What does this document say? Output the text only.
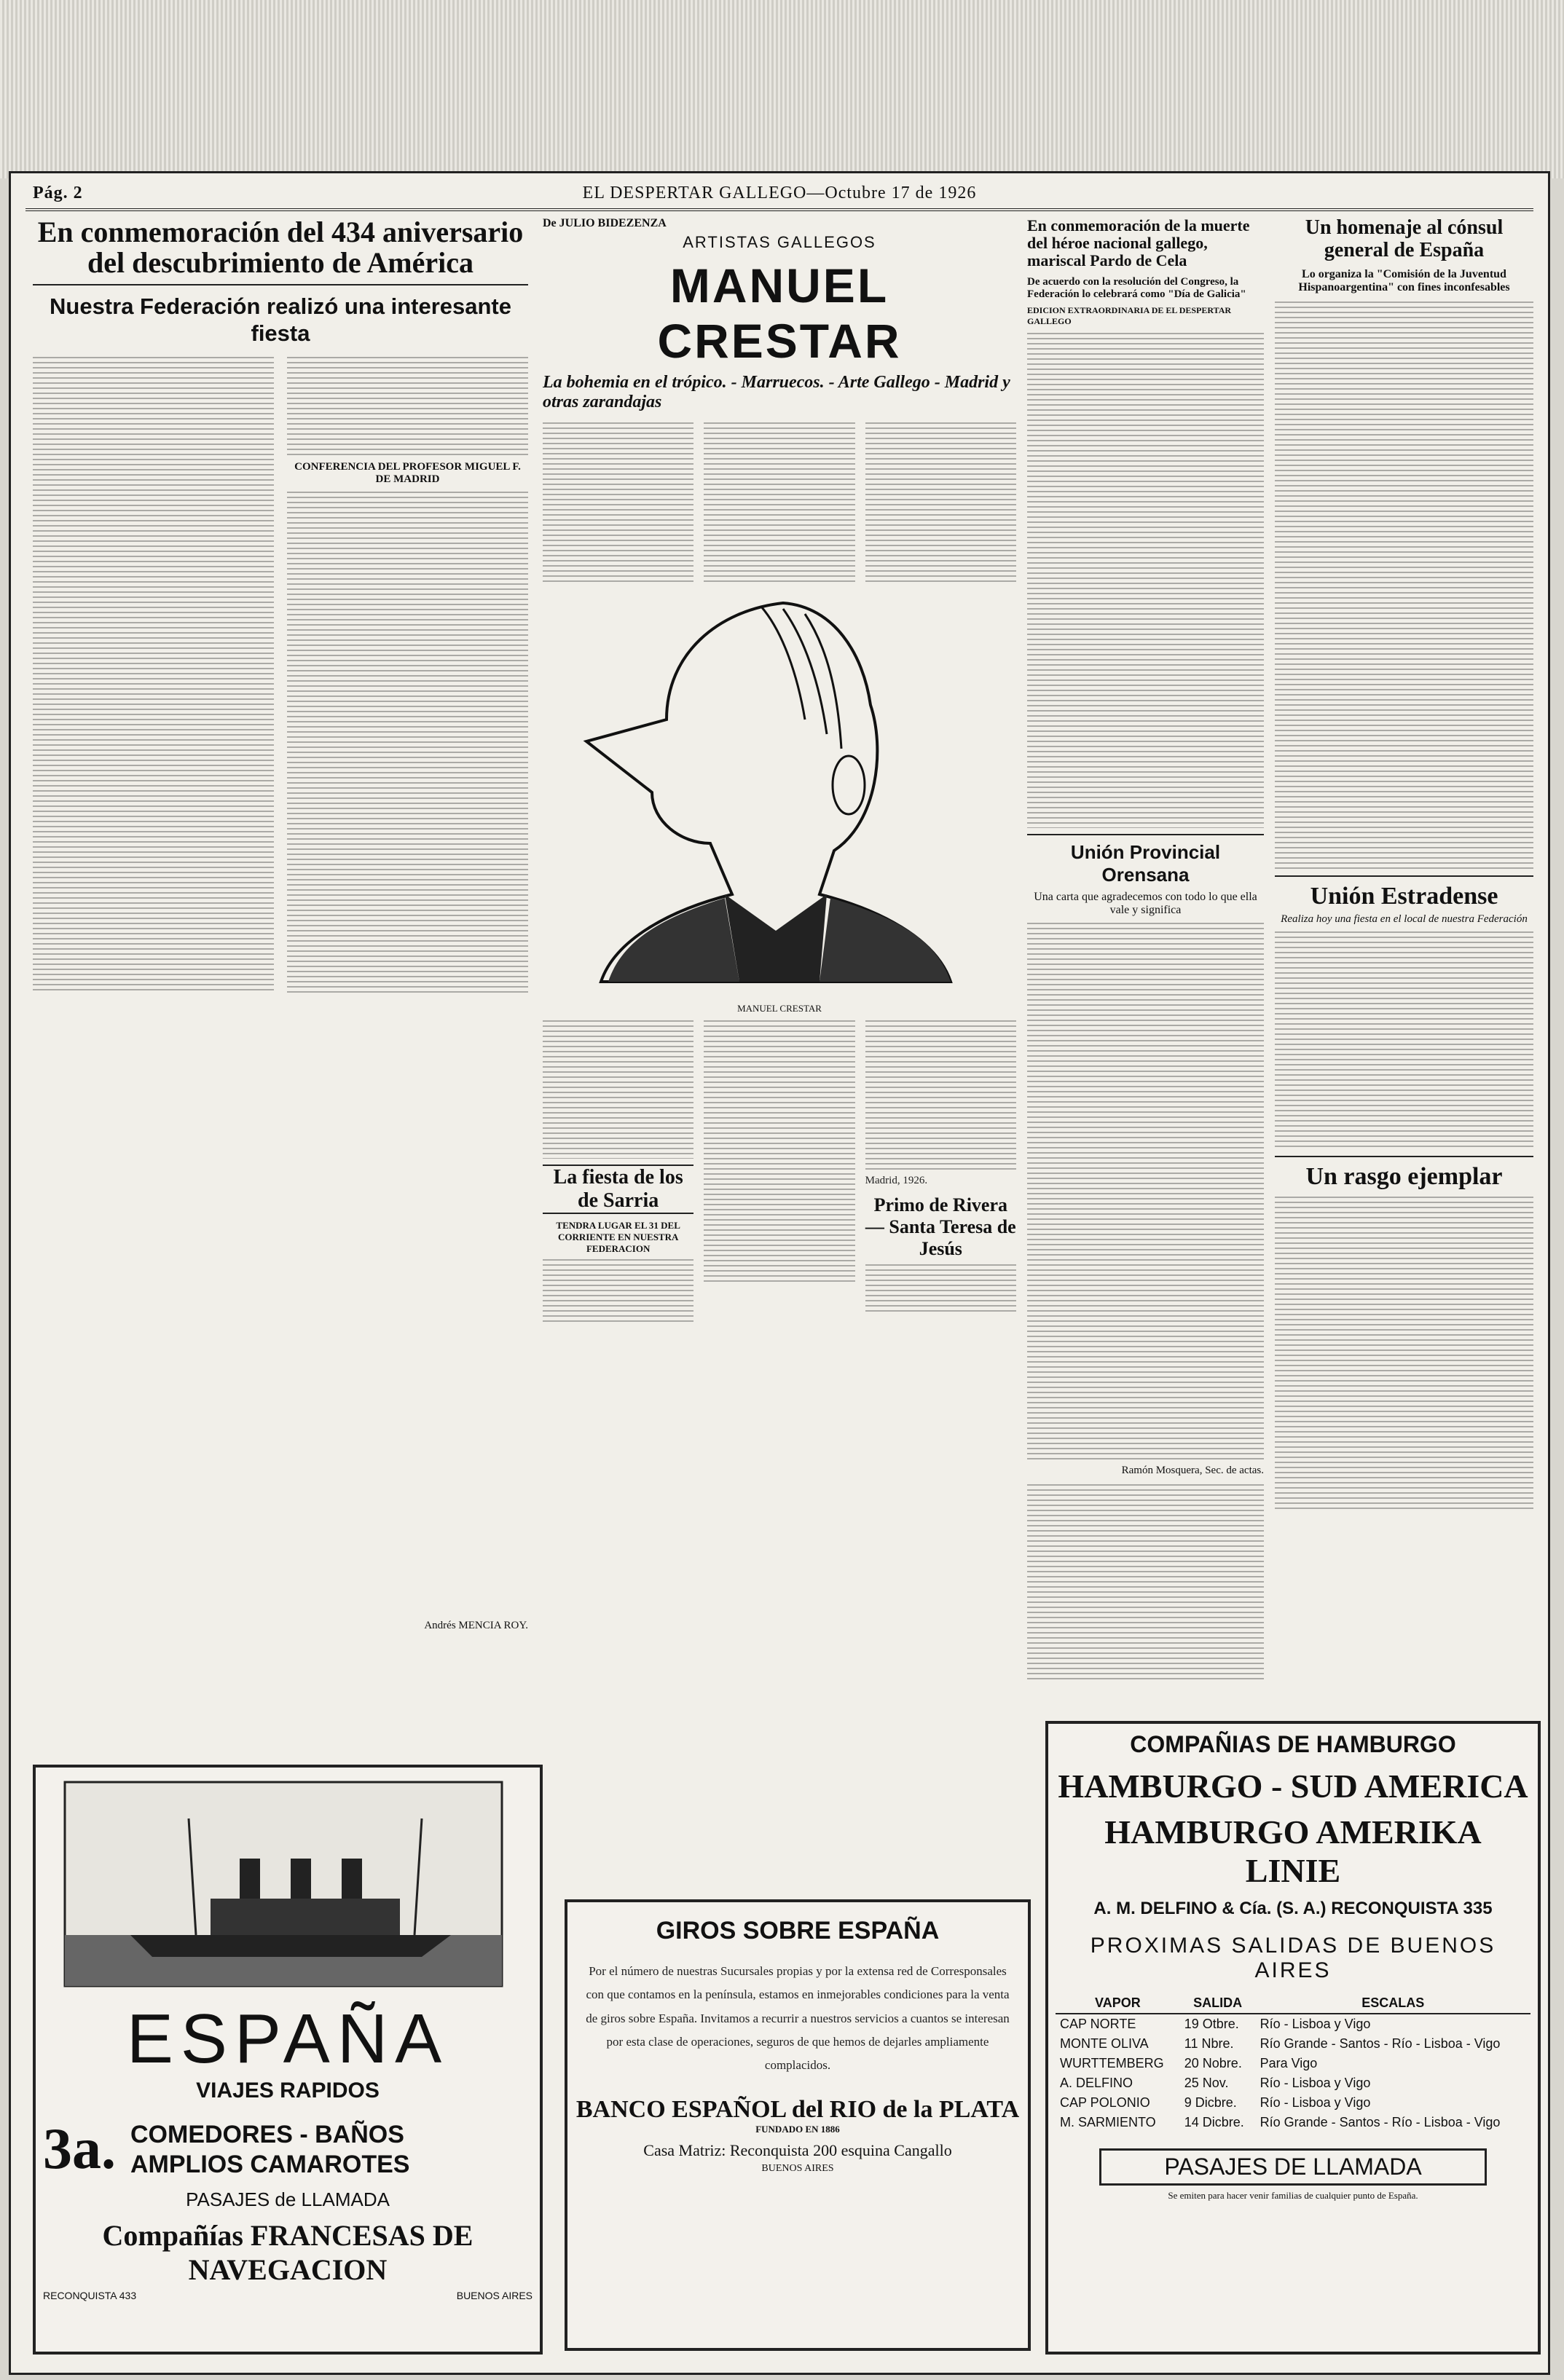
Pág. 2	EL DESPERTAR GALLEGO—Octubre 17 de 1926
En conmemoración del 434 aniversario del descubrimiento de América
Nuestra Federación realizó una interesante fiesta
CONFERENCIA DEL PROFESOR MIGUEL F. DE MADRID
Andrés MENCIA ROY.
De JULIO BIDEZENZA
ARTISTAS GALLEGOS
MANUEL CRESTAR
La bohemia en el trópico. - Marruecos. - Arte Gallego - Madrid y otras zarandajas
MANUEL CRESTAR
La fiesta de los de Sarria
TENDRA LUGAR EL 31 DEL CORRIENTE EN NUESTRA FEDERACION
Madrid, 1926.
Primo de Rivera — Santa Teresa de Jesús
En conmemoración de la muerte del héroe nacional gallego, mariscal Pardo de Cela
De acuerdo con la resolución del Congreso, la Federación lo celebrará como "Día de Galicia"
EDICION EXTRAORDINARIA DE EL DESPERTAR GALLEGO
Unión Provincial Orensana
Una carta que agradecemos con todo lo que ella vale y significa
Ramón Mosquera, Sec. de actas.
Un homenaje al cónsul general de España
Lo organiza la "Comisión de la Juventud Hispanoargentina" con fines inconfesables
Unión Estradense
Realiza hoy una fiesta en el local de nuestra Federación
Un rasgo ejemplar
ESPAÑA
VIAJES RAPIDOS
3a. COMEDORES - BAÑOS
AMPLIOS CAMAROTES
PASAJES de LLAMADA
Compañías FRANCESAS DE NAVEGACION
RECONQUISTA 433	BUENOS AIRES
GIROS SOBRE ESPAÑA
Por el número de nuestras Sucursales propias y por la extensa red de Corresponsales con que contamos en la península, estamos en inmejorables condiciones para la venta de giros sobre España. Invitamos a recurrir a nuestros servicios a cuantos se interesan por esta clase de operaciones, seguros de que hemos de dejarles ampliamente complacidos.
BANCO ESPAÑOL del RIO de la PLATA
FUNDADO EN 1886
Casa Matriz: Reconquista 200 esquina Cangallo
BUENOS AIRES
COMPAÑIAS DE HAMBURGO
HAMBURGO - SUD AMERICA
HAMBURGO AMERIKA LINIE
A. M. DELFINO & Cía. (S. A.) RECONQUISTA 335
PROXIMAS SALIDAS DE BUENOS AIRES
VAPOR	SALIDA	ESCALAS
CAP NORTE	19 Otbre.	Río - Lisboa y Vigo
MONTE OLIVA	11 Nbre.	Río Grande - Santos - Río - Lisboa - Vigo
WURTTEMBERG	20 Nobre.	Para Vigo
A. DELFINO	25 Nov.	Río - Lisboa y Vigo
CAP POLONIO	9 Dicbre.	Río - Lisboa y Vigo
M. SARMIENTO	14 Dicbre.	Río Grande - Santos - Río - Lisboa - Vigo
PASAJES DE LLAMADA
Se emiten para hacer venir familias de cualquier punto de España.
